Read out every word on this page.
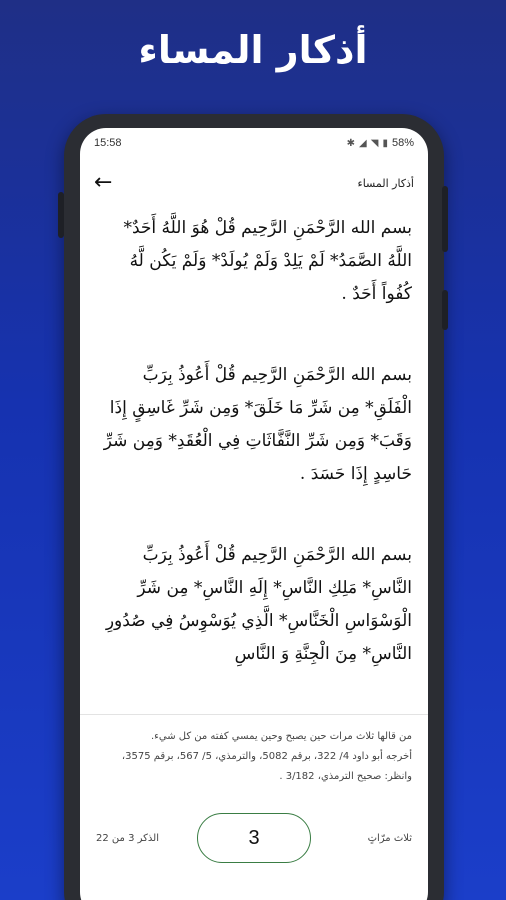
أذكار المساء
15:58	✱ ◢ ◥ ▮ 58%
←	أذكار المساء

بسم الله الرَّحْمَنِ الرَّحِيم قُلْ هُوَ اللَّهُ أَحَدٌ* اللَّهُ الصَّمَدُ* لَمْ يَلِدْ وَلَمْ يُولَدْ* وَلَمْ يَكُن لَّهُ كُفُواً أَحَدٌ .

بسم الله الرَّحْمَنِ الرَّحِيم قُلْ أَعُوذُ بِرَبِّ الْفَلَقِ* مِن شَرِّ مَا خَلَقَ* وَمِن شَرِّ غَاسِقٍ إِذَا وَقَبَ* وَمِن شَرِّ النَّفَّاثَاتِ فِي الْعُقَدِ* وَمِن شَرِّ حَاسِدٍ إِذَا حَسَدَ .

بسم الله الرَّحْمَنِ الرَّحِيم قُلْ أَعُوذُ بِرَبِّ النَّاسِ* مَلِكِ النَّاسِ* إِلَهِ النَّاسِ* مِن شَرِّ الْوَسْوَاسِ الْخَنَّاسِ* الَّذِي يُوَسْوِسُ فِي صُدُورِ النَّاسِ* مِنَ الْجِنَّةِ وَ النَّاسِ

من قالها ثلاث مرات حين يصبح وحين يمسي كفته من كل شيء.
أخرجه أبو داود 4/ 322، برقم 5082، والترمذي، 5/ 567، برقم 3575، وانظر: صحيح الترمذي، 3/182 .
الذكر 3 من 22	3	ثلاث مرّاتٍ
